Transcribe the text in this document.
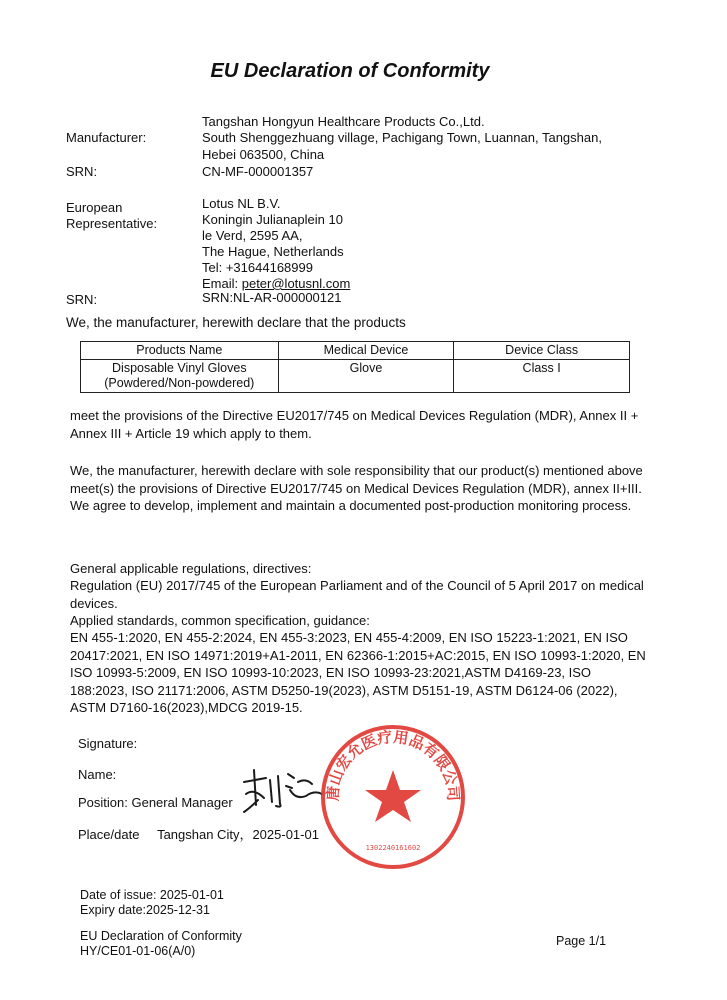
EU Declaration of Conformity
Manufacturer:
Tangshan Hongyun Healthcare Products Co.,Ltd.
South Shenggezhuang village, Pachigang Town, Luannan, Tangshan,
Hebei 063500, China
SRN:	CN-MF-000001357
European
Representative:
Lotus NL B.V.
Koningin Julianaplein 10
le Verd, 2595 AA,
The Hague, Netherlands
Tel: +31644168999
Email: peter@lotusnl.com
SRN:	SRN:NL-AR-000000121
We, the manufacturer, herewith declare that the products
Products Name	Medical Device	Device Class

Disposable Vinyl Gloves
(Powdered/Non-powdered)	Glove	Class I
meet the provisions of the Directive EU2017/745 on Medical Devices Regulation (MDR), Annex II + Annex III + Article 19 which apply to them.
We, the manufacturer, herewith declare with sole responsibility that our product(s) mentioned above meet(s) the provisions of Directive EU2017/745 on Medical Devices Regulation (MDR), annex II+III. We agree to develop, implement and maintain a documented post-production monitoring process.
General applicable regulations, directives:
Regulation (EU) 2017/745 of the European Parliament and of the Council of 5 April 2017 on medical devices.
Applied standards, common specification, guidance:
EN 455-1:2020, EN 455-2:2024, EN 455-3:2023, EN 455-4:2009, EN ISO 15223-1:2021, EN ISO 20417:2021, EN ISO 14971:2019+A1-2011, EN 62366-1:2015+AC:2015, EN ISO 10993-1:2020, EN ISO 10993-5:2009, EN ISO 10993-10:2023, EN ISO 10993-23:2021,ASTM D4169-23, ISO 188:2023, ISO 21171:2006, ASTM D5250-19(2023), ASTM D5151-19, ASTM D6124-06 (2022), ASTM D7160-16(2023),MDCG 2019-15.
Signature:
Name:
Position: General Manager
Place/date Tangshan City，2025-01-01
唐山宏允医疗用品有限公司
1302240161602
Date of issue: 2025-01-01
Expiry date:2025-12-31
EU Declaration of Conformity
HY/CE01-01-06(A/0)
Page 1/1
